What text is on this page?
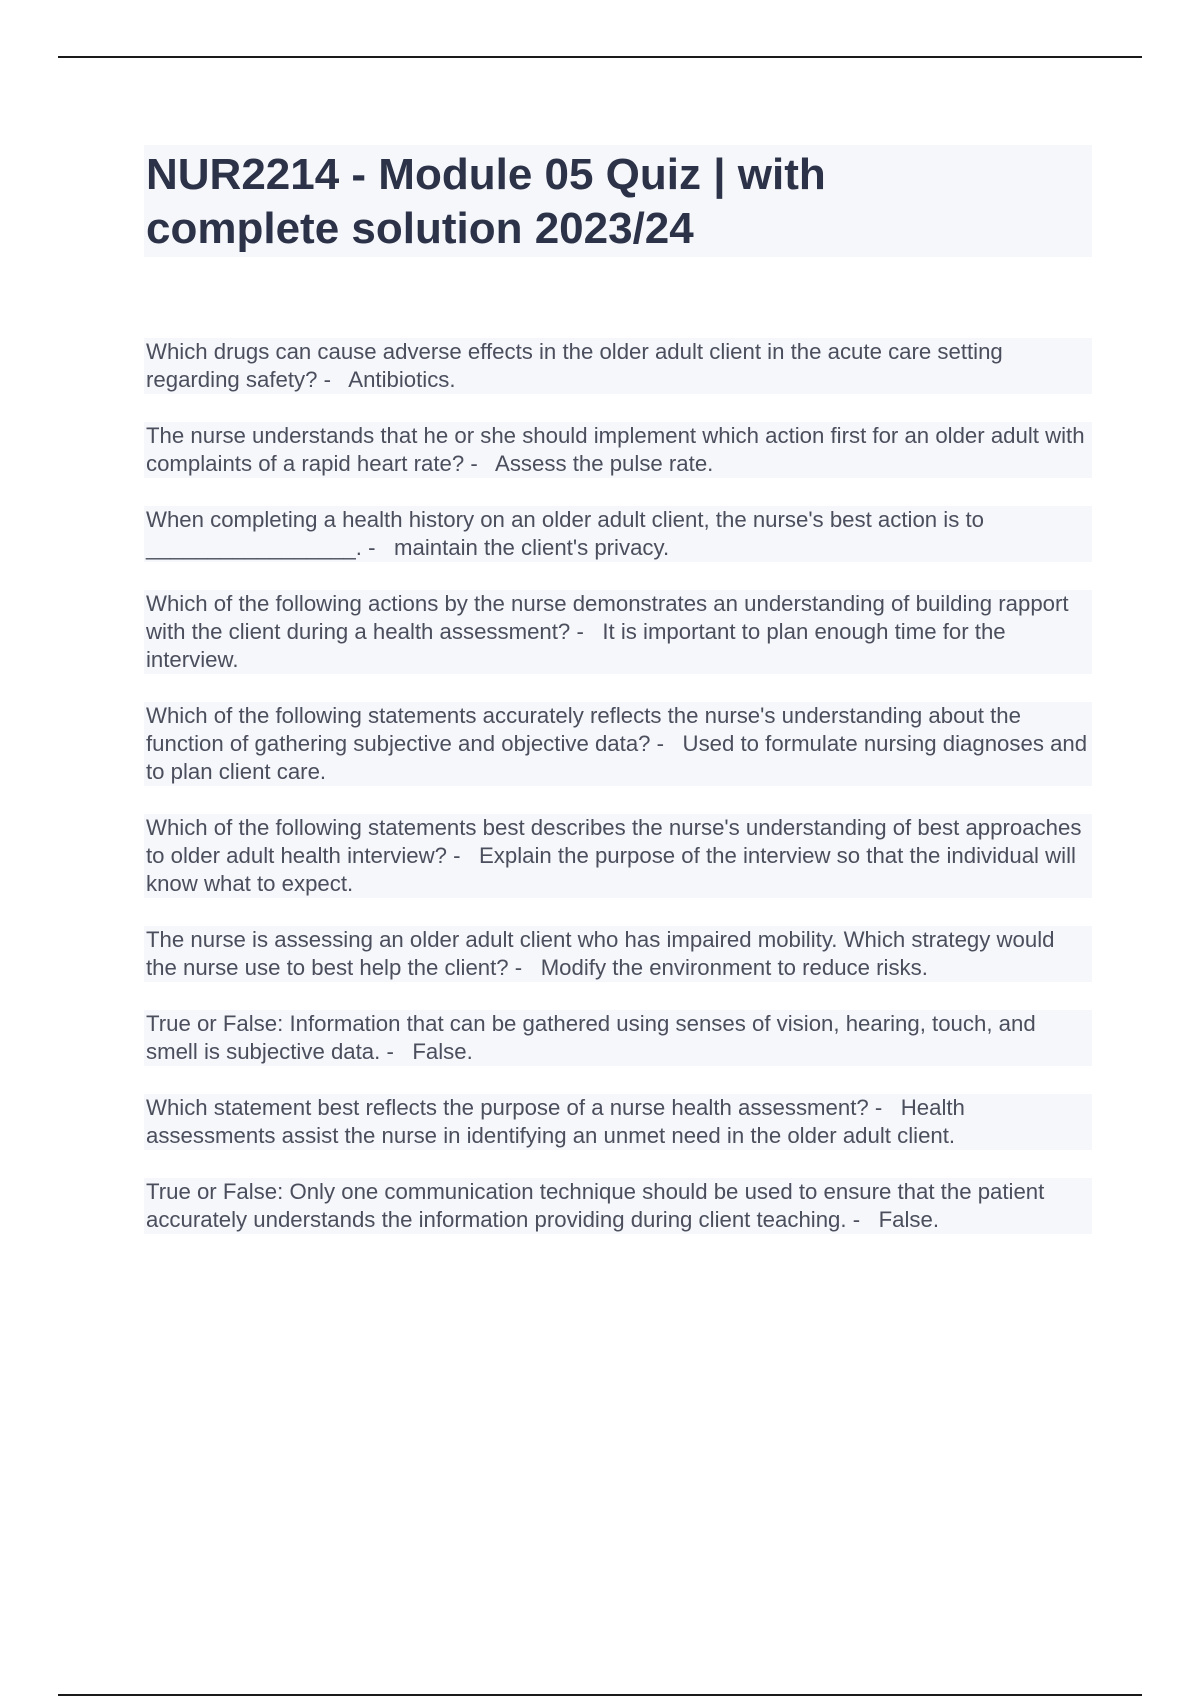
NUR2214 - Module 05 Quiz | with
complete solution 2023/24

Which drugs can cause adverse effects in the older adult client in the acute care setting regarding safety? -   Antibiotics.

The nurse understands that he or she should implement which action first for an older adult with complaints of a rapid heart rate? -   Assess the pulse rate.

When completing a health history on an older adult client, the nurse's best action is to _________________. -   maintain the client's privacy.

Which of the following actions by the nurse demonstrates an understanding of building rapport with the client during a health assessment? -   It is important to plan enough time for the interview.

Which of the following statements accurately reflects the nurse's understanding about the function of gathering subjective and objective data? -   Used to formulate nursing diagnoses and to plan client care.

Which of the following statements best describes the nurse's understanding of best approaches to older adult health interview? -   Explain the purpose of the interview so that the individual will know what to expect.

The nurse is assessing an older adult client who has impaired mobility. Which strategy would the nurse use to best help the client? -   Modify the environment to reduce risks.

True or False: Information that can be gathered using senses of vision, hearing, touch, and smell is subjective data. -   False.

Which statement best reflects the purpose of a nurse health assessment? -   Health assessments assist the nurse in identifying an unmet need in the older adult client.

True or False: Only one communication technique should be used to ensure that the patient accurately understands the information providing during client teaching. -   False.
